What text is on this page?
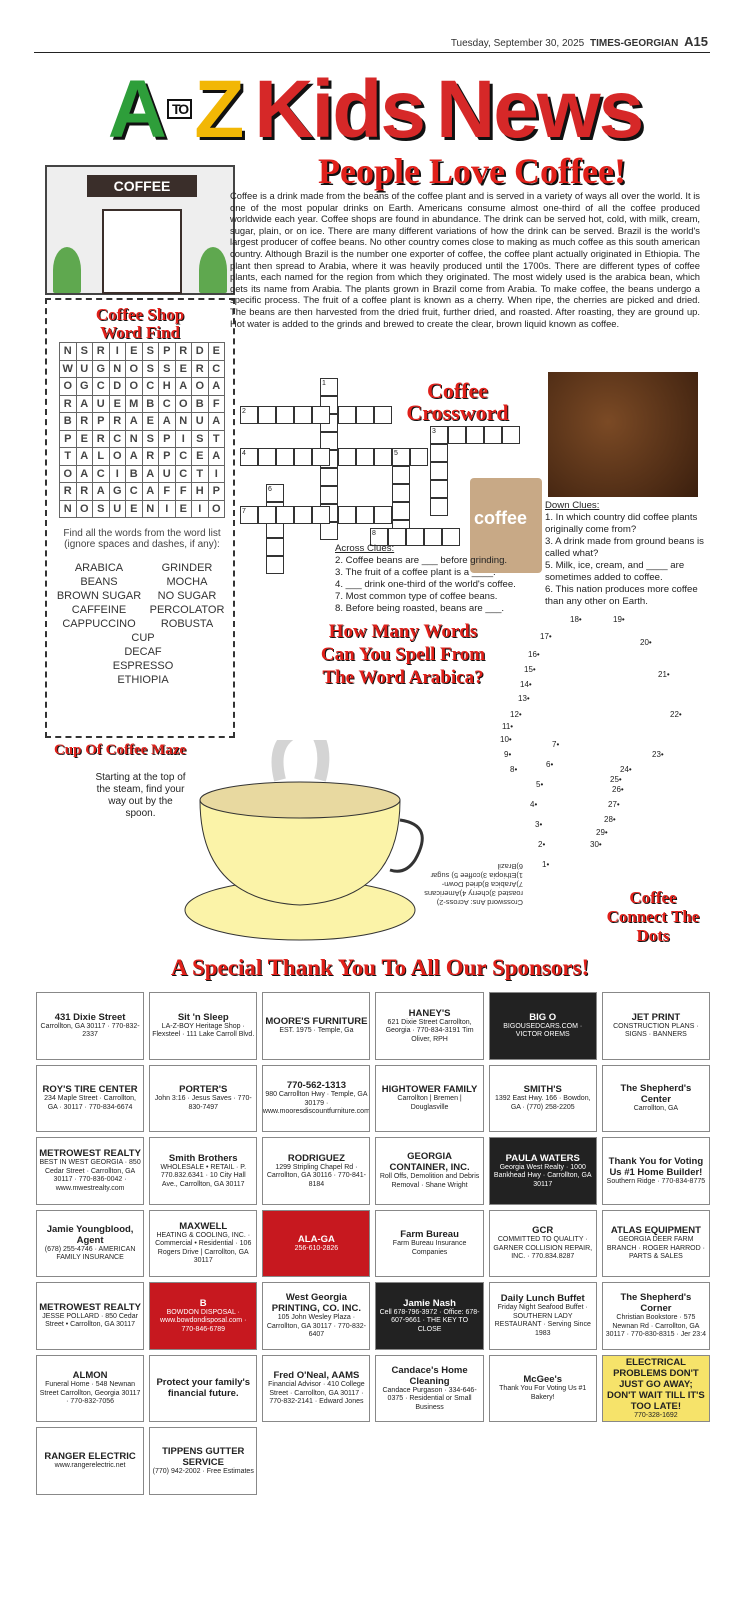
Tuesday, September 30, 2025 TIMES-GEORGIAN A15
A $^{TO}$Z Kids News
People Love Coffee!
COFFEE
Coffee is a drink made from the beans of the coffee plant and is served in a variety of ways all over the world. It is one of the most popular drinks on Earth. Americans consume almost one-third of all the coffee produced worldwide each year. Coffee shops are found in abundance. The drink can be served hot, cold, with milk, cream, sugar, plain, or on ice. There are many different variations of how the drink can be served. Brazil is the world's largest producer of coffee beans. No other country comes close to making as much coffee as this south american country. Although Brazil is the number one exporter of coffee, the coffee plant actually originated in Ethiopia. The plant then spread to Arabia, where it was heavily produced until the 1700s. There are different types of coffee plants, each named for the region from which they originated. The most widely used is the arabica bean, which gets its name from Arabia. The plants grown in Brazil come from Arabia. To make coffee, the beans undergo a specific process. The fruit of a coffee plant is known as a cherry. When ripe, the cherries are picked and dried. The beans are then harvested from the dried fruit, further dried, and roasted. After roasting, they are ground up. Hot water is added to the grinds and brewed to create the clear, brown liquid known as coffee.
Coffee Shop
Word Find
N	S	R	I	E	S	P	R	D	E
W	U	G	N	O	S	S	E	R	C
O	G	C	D	O	C	H	A	O	A
R	A	U	E	M	B	C	O	B	F
B	R	P	R	A	E	A	N	U	A
P	E	R	C	N	S	P	I	S	T
T	A	L	O	A	R	P	C	E	A
O	A	C	I	B	A	U	C	T	I
R	R	A	G	C	A	F	F	H	P
N	O	S	U	E	N	I	E	I	O
Find all the words from the word list (ignore spaces and dashes, if any):
ARABICA	GRINDER
BEANS	MOCHA
BROWN SUGAR	NO SUGAR
CAFFEINE	PERCOLATOR
CAPPUCCINO	ROBUSTA
CUP
DECAF
ESPRESSO
ETHIOPIA
Coffee
Crossword
1
2
3
4	5
6
7
8
coffee
Across Clues:
2. Coffee beans are ___ before grinding.
3. The fruit of a coffee plant is a ____.
4. ___ drink one-third of the world's coffee.
7. Most common type of coffee beans.
8. Before being roasted, beans are ___.
Down Clues:
1. In which country did coffee plants originally come from?
3. A drink made from ground beans is called what?
5. Milk, ice, cream, and ____ are sometimes added to coffee.
6. This nation produces more coffee than any other on Earth.
How Many Words Can You Spell From The Word Arabica?
Cup Of Coffee Maze
Starting at the top of the steam, find your way out by the spoon.
Crossword Ans: Across-2) roasted 3)cherry 4)Americans 7)Arabica 8)dried Down-1)Ethiopia 3)coffee 5) sugar 6)Brazil
Coffee Connect The Dots
1•
2•
3•
4•
5•
6•
7•
8•
9•
10•
11•
12•
13•
14•
15•
16•
17•
18•	19•
20•
21•
22•
23•
24•
25•
26•
27•
28•
29•
30•
A Special Thank You To All Our Sponsors!
431 Dixie Street
Carrollton, GA 30117 · 770-832-2337
Sit 'n Sleep
LA-Z-BOY Heritage Shop · Flexsteel · 111 Lake Carroll Blvd.
MOORE'S FURNITURE
EST. 1975 · Temple, Ga
HANEY'S
621 Dixie Street Carrollton, Georgia · 770-834-3191 Tim Oliver, RPH
BIG O
BIGOUSEDCARS.COM · VICTOR OREMS
JET PRINT
CONSTRUCTION PLANS · SIGNS · BANNERS
ROY'S TIRE CENTER
234 Maple Street · Carrollton, GA · 30117 · 770-834-6674
PORTER'S
John 3:16 · Jesus Saves · 770-830-7497
770-562-1313
980 Carrollton Hwy · Temple, GA 30179 · www.mooresdiscountfurniture.com
HIGHTOWER FAMILY
Carrollton | Bremen | Douglasville
SMITH'S
1392 East Hwy. 166 · Bowdon, GA · (770) 258-2205
The Shepherd's Center
Carrollton, GA
METROWEST REALTY
BEST IN WEST GEORGIA · 850 Cedar Street · Carrollton, GA 30117 · 770-836-0042 · www.mwestrealty.com
Smith Brothers
WHOLESALE • RETAIL · P. 770.832.6341 · 10 City Hall Ave., Carrollton, GA 30117
RODRIGUEZ
1299 Stripling Chapel Rd · Carrollton, GA 30116 · 770-841-8184
GEORGIA CONTAINER, INC.
Roll Offs, Demolition and Debris Removal · Shane Wright
PAULA WATERS
Georgia West Realty · 1000 Bankhead Hwy · Carrollton, GA 30117
Thank You for Voting Us #1 Home Builder!
Southern Ridge · 770-834-8775
Jamie Youngblood, Agent
(678) 255-4746 · AMERICAN FAMILY INSURANCE
MAXWELL
HEATING & COOLING, INC. · Commercial • Residential · 106 Rogers Drive | Carrollton, GA 30117
ALA-GA
256-610-2826
Farm Bureau
Farm Bureau Insurance Companies
GCR
COMMITTED TO QUALITY · GARNER COLLISION REPAIR, INC. · 770.834.8287
ATLAS EQUIPMENT
GEORGIA DEER FARM BRANCH · ROGER HARROD · PARTS & SALES
METROWEST REALTY
JESSE POLLARD · 850 Cedar Street • Carrollton, GA 30117
B
BOWDON DISPOSAL · www.bowdondisposal.com · 770-846-6789
West Georgia PRINTING, CO. INC.
105 John Wesley Plaza · Carrollton, GA 30117 · 770-832-6407
Jamie Nash
Cell 678-796-3972 · Office: 678-607-9661 · THE KEY TO CLOSE
Daily Lunch Buffet
Friday Night Seafood Buffet · SOUTHERN LADY RESTAURANT · Serving Since 1983
The Shepherd's Corner
Christian Bookstore · 575 Newnan Rd · Carrollton, GA 30117 · 770-830-8315 · Jer 23:4
ALMON
Funeral Home · 548 Newnan Street Carrollton, Georgia 30117 · 770-832-7056
Protect your family's financial future.
Fred O'Neal, AAMS
Financial Advisor · 410 College Street · Carrollton, GA 30117 · 770-832-2141 · Edward Jones
Candace's Home Cleaning
Candace Purgason · 334-646-0375 · Residential or Small Business
McGee's
Thank You For Voting Us #1 Bakery!
ELECTRICAL PROBLEMS DON'T JUST GO AWAY; DON'T WAIT TILL IT'S TOO LATE!
770-328-1692
RANGER ELECTRIC
www.rangerelectric.net
TIPPENS GUTTER SERVICE
(770) 942-2002 · Free Estimates
